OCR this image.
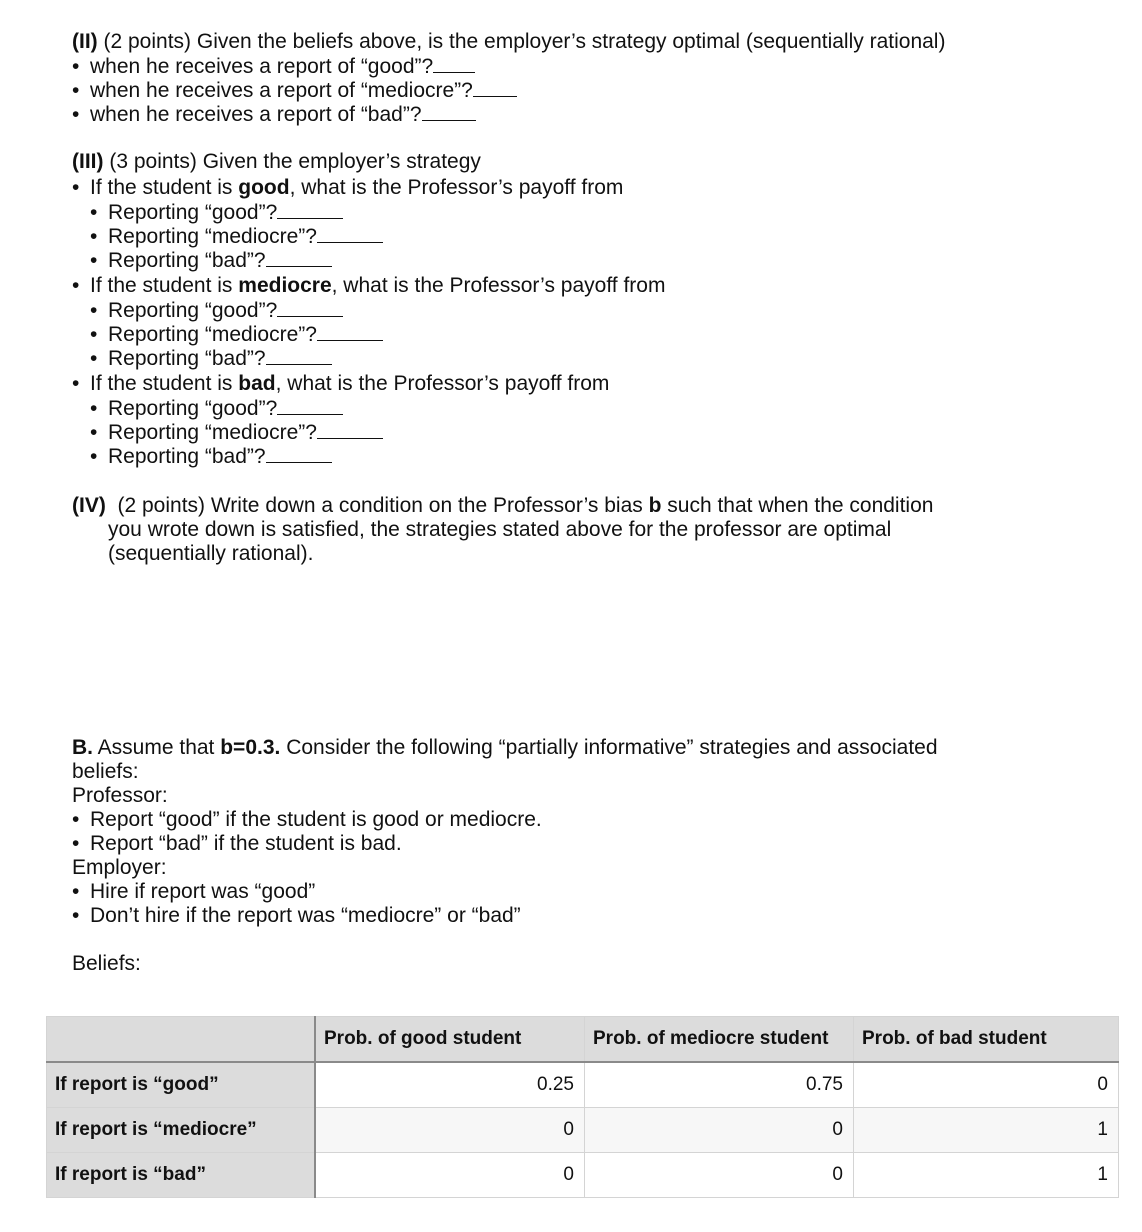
(II) (2 points) Given the beliefs above, is the employer’s strategy optimal (sequentially rational)
• when he receives a report of “good”?
• when he receives a report of “mediocre”?
• when he receives a report of “bad”?
(III) (3 points) Given the employer’s strategy
• If the student is good, what is the Professor’s payoff from
• Reporting “good”?
• Reporting “mediocre”?
• Reporting “bad”?
• If the student is mediocre, what is the Professor’s payoff from
• Reporting “good”?
• Reporting “mediocre”?
• Reporting “bad”?
• If the student is bad, what is the Professor’s payoff from
• Reporting “good”?
• Reporting “mediocre”?
• Reporting “bad”?
(IV)  (2 points) Write down a condition on the Professor’s bias b such that when the condition
you wrote down is satisfied, the strategies stated above for the professor are optimal
(sequentially rational).
B. Assume that b=0.3. Consider the following “partially informative” strategies and associated
beliefs:
Professor:
• Report “good” if the student is good or mediocre.
• Report “bad” if the student is bad.
Employer:
• Hire if report was “good”
• Don’t hire if the report was “mediocre” or “bad”
Beliefs:
	Prob. of good student	Prob. of mediocre student	Prob. of bad student
If report is “good”	0.25	0.75	0
If report is “mediocre”	0	0	1
If report is “bad”	0	0	1
